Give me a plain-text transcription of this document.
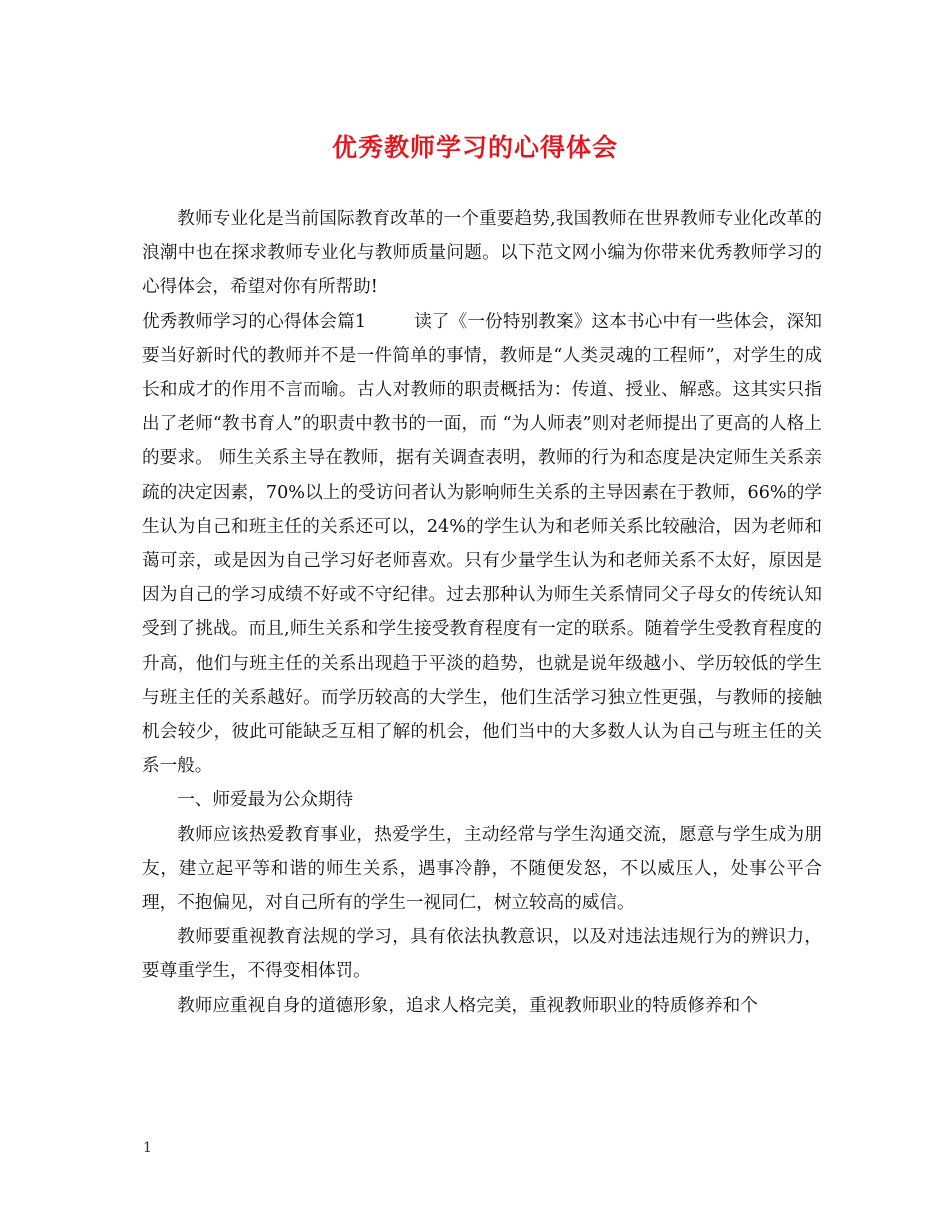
优秀教师学习的心得体会

教师专业化是当前国际教育改革的一个重要趋势,我国教师在世界教师专业化改革的浪潮中也在探求教师专业化与教师质量问题。以下范文网小编为你带来优秀教师学习的心得体会，希望对你有所帮助!

优秀教师学习的心得体会篇1	读了《一份特别教案》这本书心中有一些体会，深知要当好新时代的教师并不是一件简单的事情，教师是“人类灵魂的工程师”，对学生的成长和成才的作用不言而喻。古人对教师的职责概括为：传道、授业、解惑。这其实只指出了老师“教书育人”的职责中教书的一面，而 “为人师表”则对老师提出了更高的人格上的要求。 师生关系主导在教师，据有关调查表明，教师的行为和态度是决定师生关系亲疏的决定因素，70%以上的受访问者认为影响师生关系的主导因素在于教师，66%的学生认为自己和班主任的关系还可以，24%的学生认为和老师关系比较融洽，因为老师和蔼可亲，或是因为自己学习好老师喜欢。只有少量学生认为和老师关系不太好，原因是因为自己的学习成绩不好或不守纪律。过去那种认为师生关系情同父子母女的传统认知受到了挑战。而且,师生关系和学生接受教育程度有一定的联系。随着学生受教育程度的升高，他们与班主任的关系出现趋于平淡的趋势，也就是说年级越小、学历较低的学生与班主任的关系越好。而学历较高的大学生，他们生活学习独立性更强，与教师的接触机会较少，彼此可能缺乏互相了解的机会，他们当中的大多数人认为自己与班主任的关系一般。

一、师爱最为公众期待

教师应该热爱教育事业，热爱学生，主动经常与学生沟通交流，愿意与学生成为朋友，建立起平等和谐的师生关系，遇事冷静，不随便发怒，不以威压人，处事公平合理，不抱偏见，对自己所有的学生一视同仁，树立较高的威信。

教师要重视教育法规的学习，具有依法执教意识，以及对违法违规行为的辨识力，要尊重学生，不得变相体罚。

教师应重视自身的道德形象，追求人格完美，重视教师职业的特质修养和个

1
